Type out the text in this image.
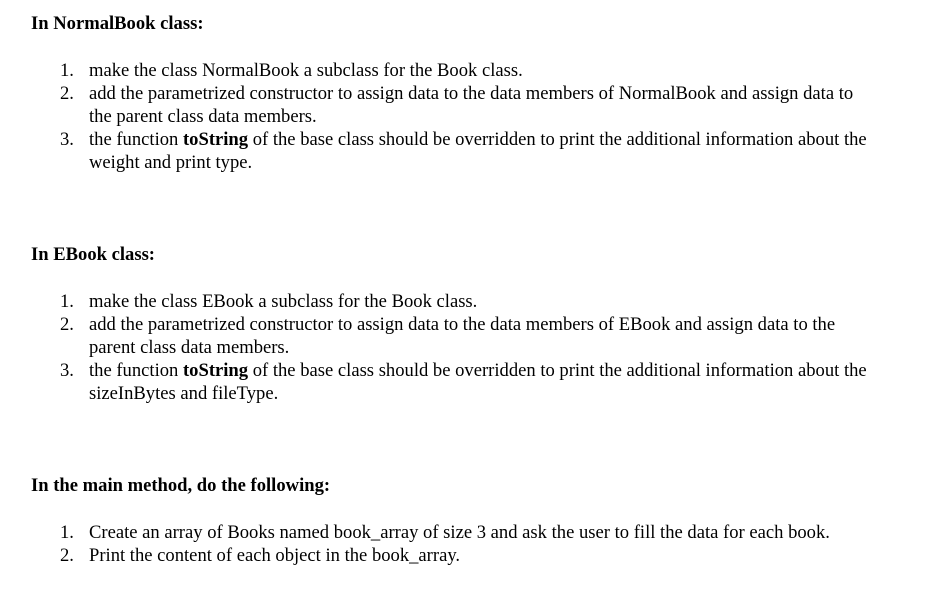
In NormalBook class:
1. make the class NormalBook a subclass for the Book class.
2. add the parametrized constructor to assign data to the data members of NormalBook and assign data to the parent class data members.
3. the function toString of the base class should be overridden to print the additional information about the weight and print type.
In EBook class:
1. make the class EBook a subclass for the Book class.
2. add the parametrized constructor to assign data to the data members of EBook and assign data to the parent class data members.
3. the function toString of the base class should be overridden to print the additional information about the sizeInBytes and fileType.
In the main method, do the following:
1. Create an array of Books named book_array of size 3 and ask the user to fill the data for each book.
2. Print the content of each object in the book_array.
